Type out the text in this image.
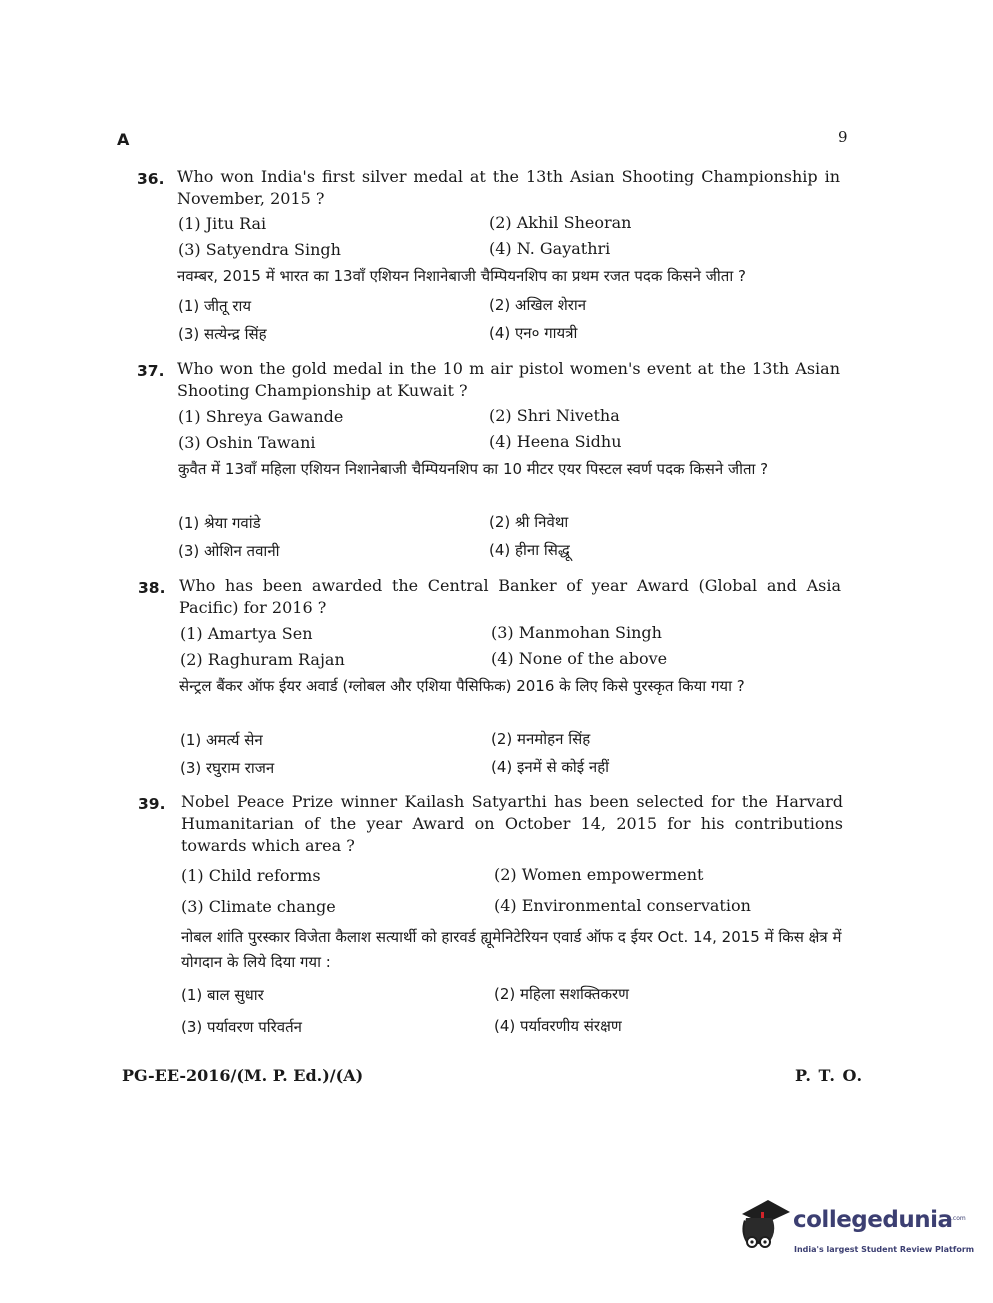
A	9
36. Who won India's first silver medal at the 13th Asian Shooting Championship in November, 2015 ?
(1) Jitu Rai	(2) Akhil Sheoran
(3) Satyendra Singh	(4) N. Gayathri
नवम्बर, 2015 में भारत का 13वाँ एशियन निशानेबाजी चैम्पियनशिप का प्रथम रजत पदक किसने जीता ?
(1) जीतू राय	(2) अखिल शेरान
(3) सत्येन्द्र सिंह	(4) एन० गायत्री
37. Who won the gold medal in the 10 m air pistol women's event at the 13th Asian Shooting Championship at Kuwait ?
(1) Shreya Gawande	(2) Shri Nivetha
(3) Oshin Tawani	(4) Heena Sidhu
कुवैत में 13वाँ महिला एशियन निशानेबाजी चैम्पियनशिप का 10 मीटर एयर पिस्टल स्वर्ण पदक किसने जीता ?
(1) श्रेया गवांडे	(2) श्री निवेथा
(3) ओशिन तवानी	(4) हीना सिद्धू
38. Who has been awarded the Central Banker of year Award (Global and Asia Pacific) for 2016 ?
(1) Amartya Sen	(3) Manmohan Singh
(2) Raghuram Rajan	(4) None of the above
सेन्ट्रल बैंकर ऑफ ईयर अवार्ड (ग्लोबल और एशिया पैसिफिक) 2016 के लिए किसे पुरस्कृत किया गया ?
(1) अमर्त्य सेन	(2) मनमोहन सिंह
(3) रघुराम राजन	(4) इनमें से कोई नहीं
39. Nobel Peace Prize winner Kailash Satyarthi has been selected for the Harvard Humanitarian of the year Award on October 14, 2015 for his contributions towards which area ?
(1) Child reforms	(2) Women empowerment
(3) Climate change	(4) Environmental conservation
नोबल शांति पुरस्कार विजेता कैलाश सत्यार्थी को हारवर्ड ह्यूमेनिटेरियन एवार्ड ऑफ द ईयर Oct. 14, 2015 में किस क्षेत्र में योगदान के लिये दिया गया :
(1) बाल सुधार	(2) महिला सशक्तिकरण
(3) पर्यावरण परिवर्तन	(4) पर्यावरणीय संरक्षण
PG-EE-2016/(M. P. Ed.)/(A)	P. T. O.
collegedunia
.com
India's largest Student Review Platform
